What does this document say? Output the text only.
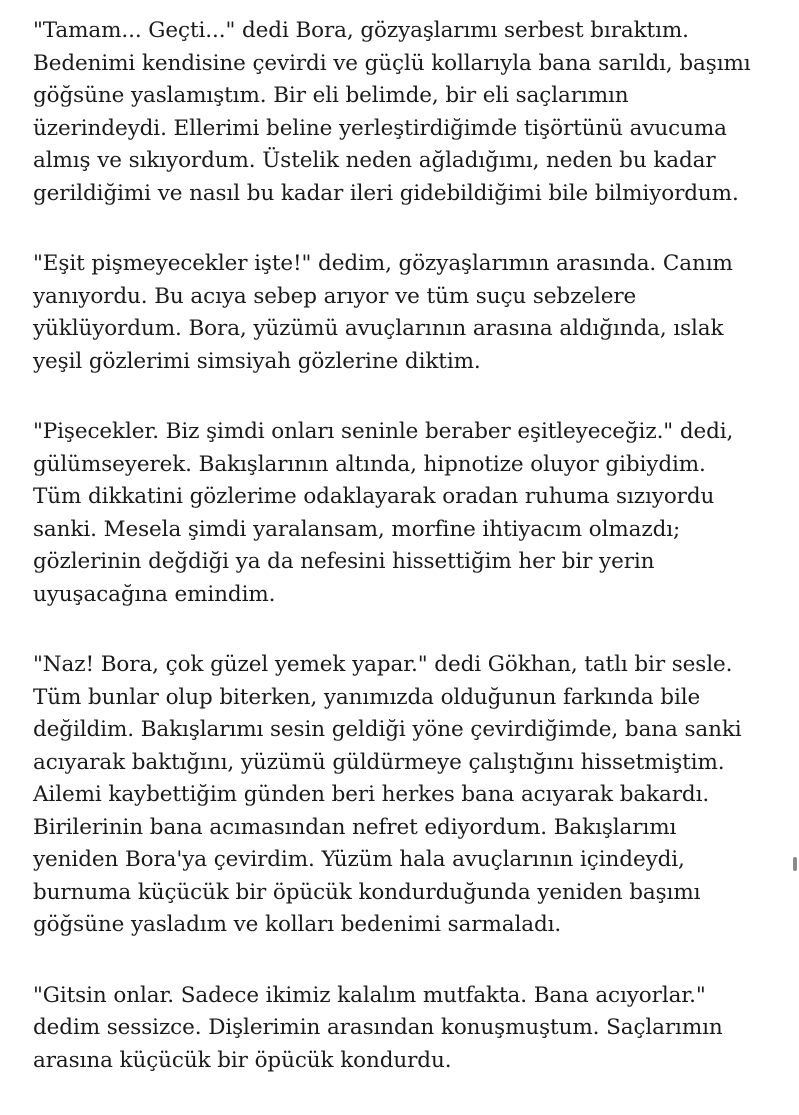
"Tamam... Geçti..." dedi Bora, gözyaşlarımı serbest bıraktım.
Bedenimi kendisine çevirdi ve güçlü kollarıyla bana sarıldı, başımı
göğsüne yaslamıştım. Bir eli belimde, bir eli saçlarımın
üzerindeydi. Ellerimi beline yerleştirdiğimde tişörtünü avucuma
almış ve sıkıyordum. Üstelik neden ağladığımı, neden bu kadar
gerildiğimi ve nasıl bu kadar ileri gidebildiğimi bile bilmiyordum.

"Eşit pişmeyecekler işte!" dedim, gözyaşlarımın arasında. Canım
yanıyordu. Bu acıya sebep arıyor ve tüm suçu sebzelere
yüklüyordum. Bora, yüzümü avuçlarının arasına aldığında, ıslak
yeşil gözlerimi simsiyah gözlerine diktim.

"Pişecekler. Biz şimdi onları seninle beraber eşitleyeceğiz." dedi,
gülümseyerek. Bakışlarının altında, hipnotize oluyor gibiydim.
Tüm dikkatini gözlerime odaklayarak oradan ruhuma sızıyordu
sanki. Mesela şimdi yaralansam, morfine ihtiyacım olmazdı;
gözlerinin değdiği ya da nefesini hissettiğim her bir yerin
uyuşacağına emindim.

"Naz! Bora, çok güzel yemek yapar." dedi Gökhan, tatlı bir sesle.
Tüm bunlar olup biterken, yanımızda olduğunun farkında bile
değildim. Bakışlarımı sesin geldiği yöne çevirdiğimde, bana sanki
acıyarak baktığını, yüzümü güldürmeye çalıştığını hissetmiştim.
Ailemi kaybettiğim günden beri herkes bana acıyarak bakardı.
Birilerinin bana acımasından nefret ediyordum. Bakışlarımı
yeniden Bora'ya çevirdim. Yüzüm hala avuçlarının içindeydi,
burnuma küçücük bir öpücük kondurduğunda yeniden başımı
göğsüne yasladım ve kolları bedenimi sarmaladı.

"Gitsin onlar. Sadece ikimiz kalalım mutfakta. Bana acıyorlar."
dedim sessizce. Dişlerimin arasından konuşmuştum. Saçlarımın
arasına küçücük bir öpücük kondurdu.
